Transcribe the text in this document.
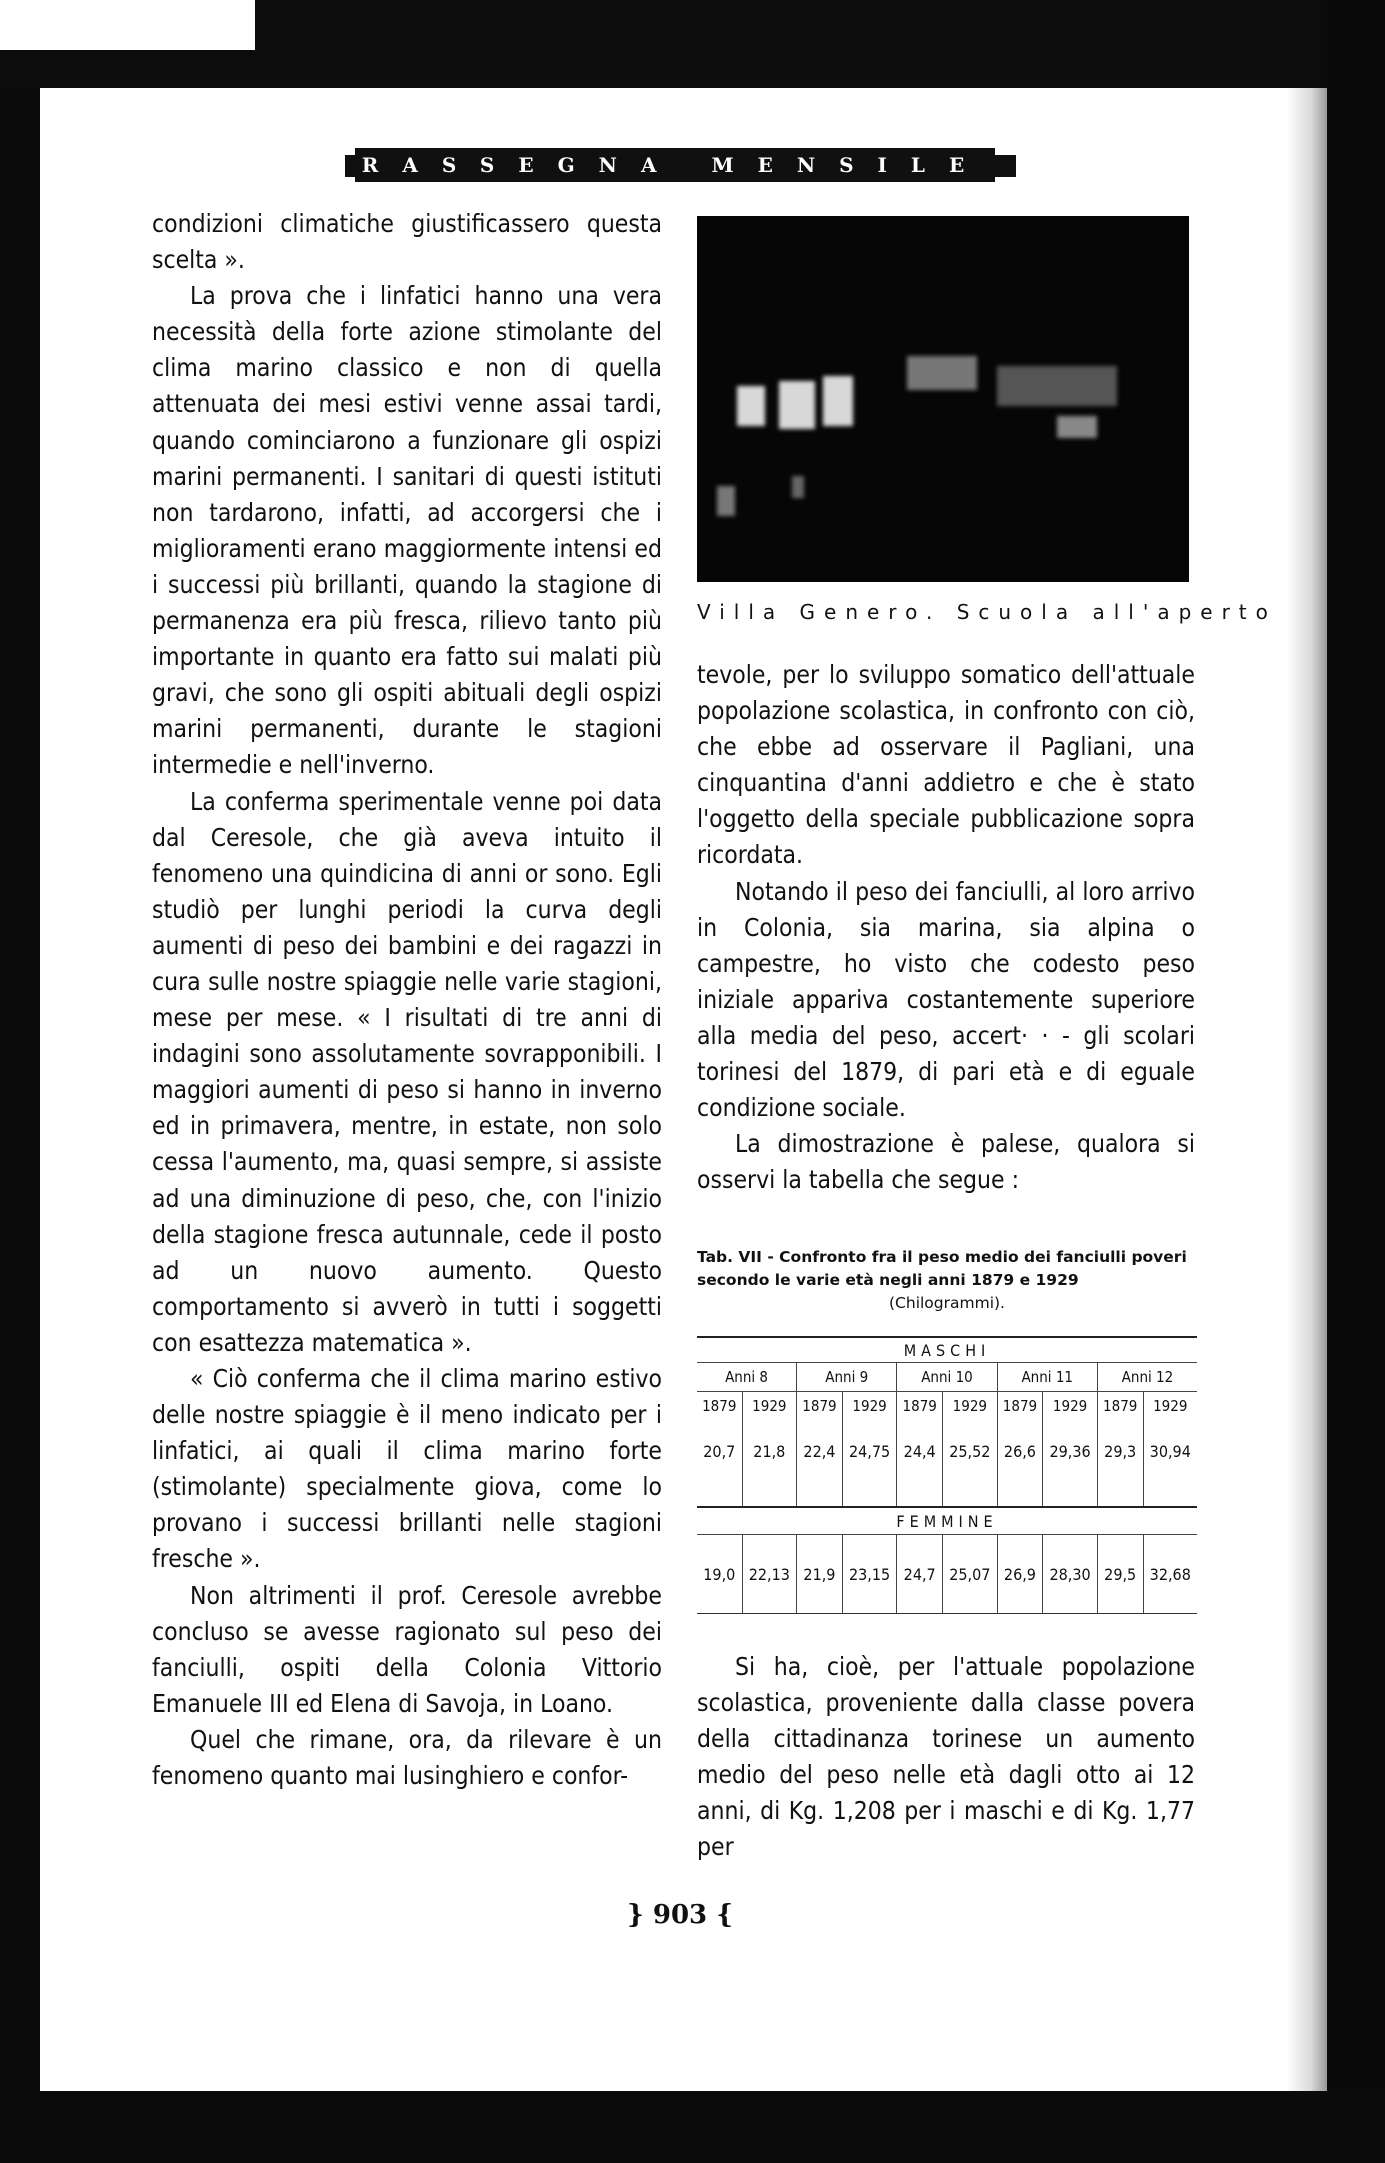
RASSEGNA MENSILE

condizioni climatiche giustificassero questa scelta ».

La prova che i linfatici hanno una vera necessità della forte azione stimolante del clima marino classico e non di quella attenuata dei mesi estivi venne assai tardi, quando cominciarono a funzionare gli ospizi marini permanenti. I sanitari di questi istituti non tardarono, infatti, ad accorgersi che i miglioramenti erano maggiormente intensi ed i successi più brillanti, quando la stagione di permanenza era più fresca, rilievo tanto più importante in quanto era fatto sui malati più gravi, che sono gli ospiti abituali degli ospizi marini permanenti, durante le stagioni intermedie e nell'inverno.

La conferma sperimentale venne poi data dal Ceresole, che già aveva intuito il fenomeno una quindicina di anni or sono. Egli studiò per lunghi periodi la curva degli aumenti di peso dei bambini e dei ragazzi in cura sulle nostre spiaggie nelle varie stagioni, mese per mese. « I risultati di tre anni di indagini sono assolutamente sovrapponibili. I maggiori aumenti di peso si hanno in inverno ed in primavera, mentre, in estate, non solo cessa l'aumento, ma, quasi sempre, si assiste ad una diminuzione di peso, che, con l'inizio della stagione fresca autunnale, cede il posto ad un nuovo aumento. Questo comportamento si avverò in tutti i soggetti con esattezza matematica ».

« Ciò conferma che il clima marino estivo delle nostre spiaggie è il meno indicato per i linfatici, ai quali il clima marino forte (stimolante) specialmente giova, come lo provano i successi brillanti nelle stagioni fresche ».

Non altrimenti il prof. Ceresole avrebbe concluso se avesse ragionato sul peso dei fanciulli, ospiti della Colonia Vittorio Emanuele III ed Elena di Savoja, in Loano.

Quel che rimane, ora, da rilevare è un fenomeno quanto mai lusinghiero e confor-

Villa Genero. Scuola all'aperto

tevole, per lo sviluppo somatico dell'attuale popolazione scolastica, in confronto con ciò, che ebbe ad osservare il Pagliani, una cinquantina d'anni addietro e che è stato l'oggetto della speciale pubblicazione sopra ricordata.

Notando il peso dei fanciulli, al loro arrivo in Colonia, sia marina, sia alpina o campestre, ho visto che codesto peso iniziale appariva costantemente superiore alla media del peso, accert· · - gli scolari torinesi del 1879, di pari età e di eguale condizione sociale.

La dimostrazione è palese, qualora si osservi la tabella che segue :

Tab. VII - Confronto fra il peso medio dei fanciulli poveri secondo le varie età negli anni 1879 e 1929
(Chilogrammi).
MASCHI									
Anni 8		Anni 9		Anni 10		Anni 11		Anni 12	
1879	1929	1879	1929	1879	1929	1879	1929	1879	1929
20,7	21,8	22,4	24,75	24,4	25,52	26,6	29,36	29,3	30,94

FEMMINE									
19,0	22,13	21,9	23,15	24,7	25,07	26,9	28,30	29,5	32,68

Si ha, cioè, per l'attuale popolazione scolastica, proveniente dalla classe povera della cittadinanza torinese un aumento medio del peso nelle età dagli otto ai 12 anni, di Kg. 1,208 per i maschi e di Kg. 1,77 per

} 903 {
